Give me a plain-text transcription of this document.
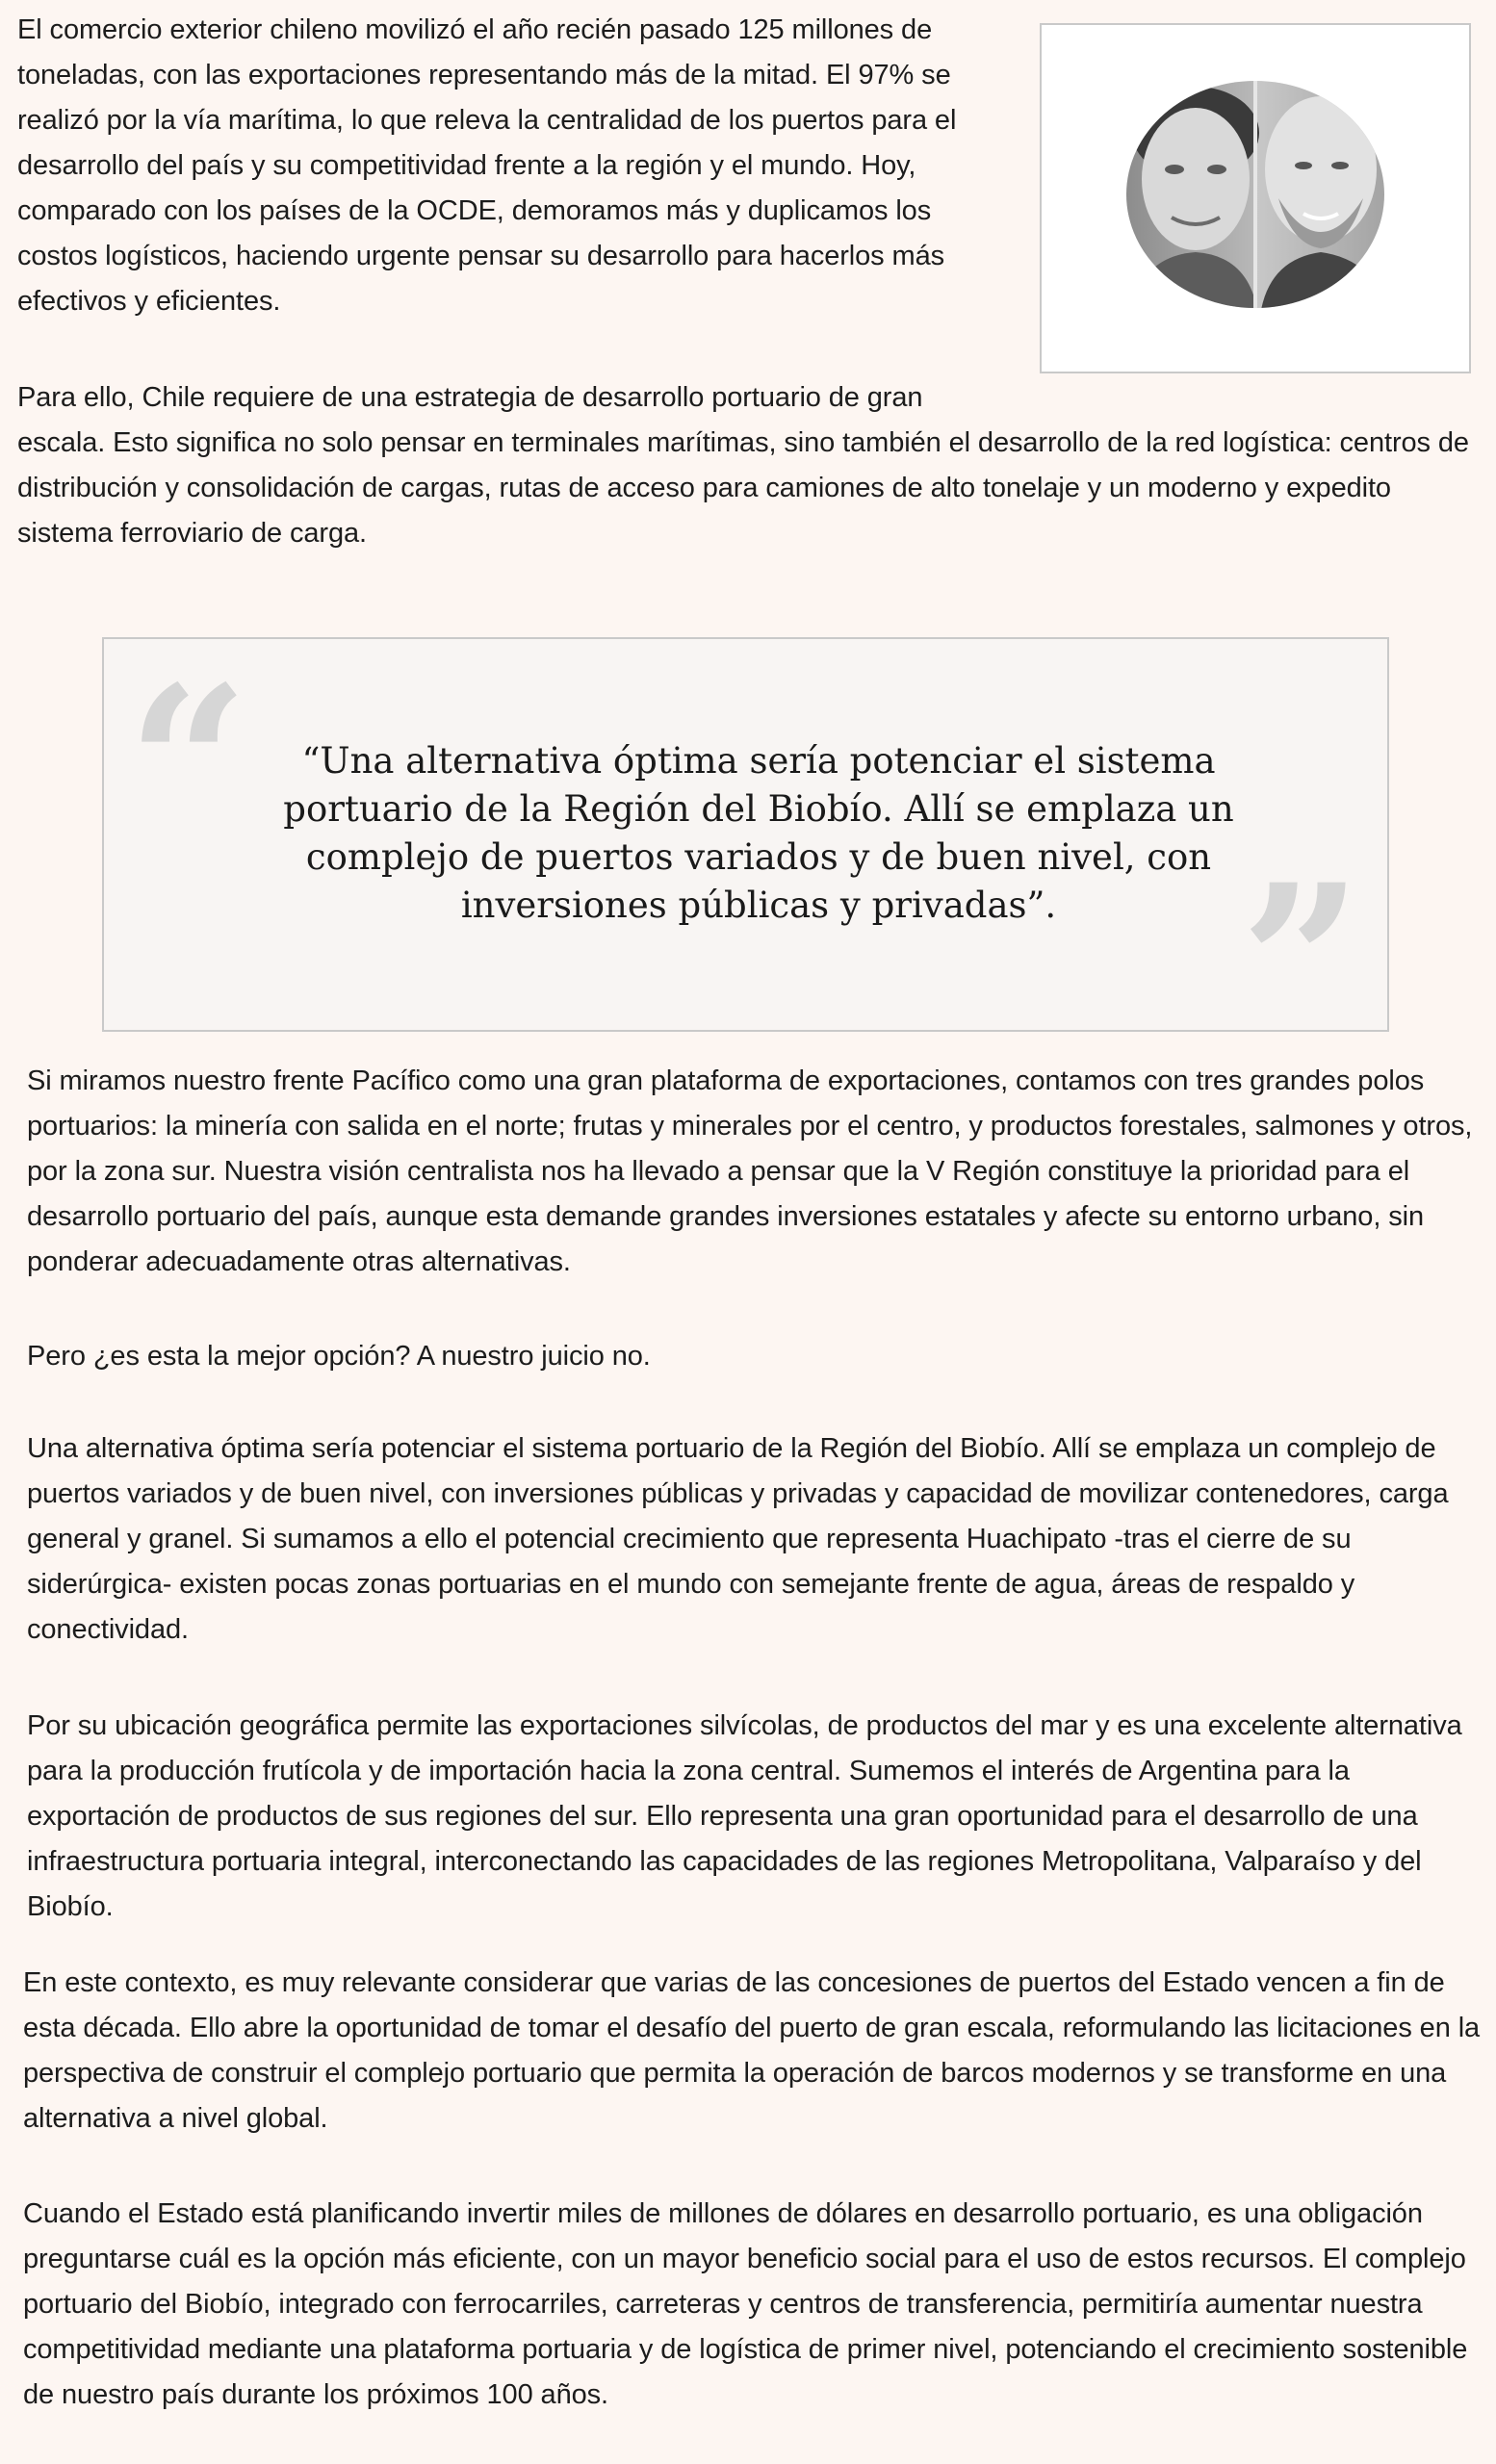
El comercio exterior chileno movilizó el año recién pasado 125 millones de toneladas, con las exportaciones representando más de la mitad. El 97% se realizó por la vía marítima, lo que releva la centralidad de los puertos para el desarrollo del país y su competitividad frente a la región y el mundo. Hoy, comparado con los países de la OCDE, demoramos más y duplicamos los costos logísticos, haciendo urgente pensar su desarrollo para hacerlos más efectivos y eficientes.

Para ello, Chile requiere de una estrategia de desarrollo portuario de gran
escala. Esto significa no solo pensar en terminales marítimas, sino también el desarrollo de la red logística: centros de distribución y consolidación de cargas, rutas de acceso para camiones de alto tonelaje y un moderno y expedito sistema ferroviario de carga.

“	“Una alternativa óptima sería potenciar el sistema portuario de la Región del Biobío. Allí se emplaza un complejo de puertos variados y de buen nivel, con inversiones públicas y privadas”. ”

Si miramos nuestro frente Pacífico como una gran plataforma de exportaciones, contamos con tres grandes polos portuarios: la minería con salida en el norte; frutas y minerales por el centro, y productos forestales, salmones y otros, por la zona sur. Nuestra visión centralista nos ha llevado a pensar que la V Región constituye la prioridad para el desarrollo portuario del país, aunque esta demande grandes inversiones estatales y afecte su entorno urbano, sin ponderar adecuadamente otras alternativas.

Pero ¿es esta la mejor opción? A nuestro juicio no.

Una alternativa óptima sería potenciar el sistema portuario de la Región del Biobío. Allí se emplaza un complejo de puertos variados y de buen nivel, con inversiones públicas y privadas y capacidad de movilizar contenedores, carga general y granel. Si sumamos a ello el potencial crecimiento que representa Huachipato -tras el cierre de su siderúrgica- existen pocas zonas portuarias en el mundo con semejante frente de agua, áreas de respaldo y conectividad.

Por su ubicación geográfica permite las exportaciones silvícolas, de productos del mar y es una excelente alternativa para la producción frutícola y de importación hacia la zona central. Sumemos el interés de Argentina para la exportación de productos de sus regiones del sur. Ello representa una gran oportunidad para el desarrollo de una infraestructura portuaria integral, interconectando las capacidades de las regiones Metropolitana, Valparaíso y del Biobío.

En este contexto, es muy relevante considerar que varias de las concesiones de puertos del Estado vencen a fin de esta década. Ello abre la oportunidad de tomar el desafío del puerto de gran escala, reformulando las licitaciones en la perspectiva de construir el complejo portuario que permita la operación de barcos modernos y se transforme en una alternativa a nivel global.

Cuando el Estado está planificando invertir miles de millones de dólares en desarrollo portuario, es una obligación preguntarse cuál es la opción más eficiente, con un mayor beneficio social para el uso de estos recursos. El complejo portuario del Biobío, integrado con ferrocarriles, carreteras y centros de transferencia, permitiría aumentar nuestra competitividad mediante una plataforma portuaria y de logística de primer nivel, potenciando el crecimiento sostenible de nuestro país durante los próximos 100 años.
